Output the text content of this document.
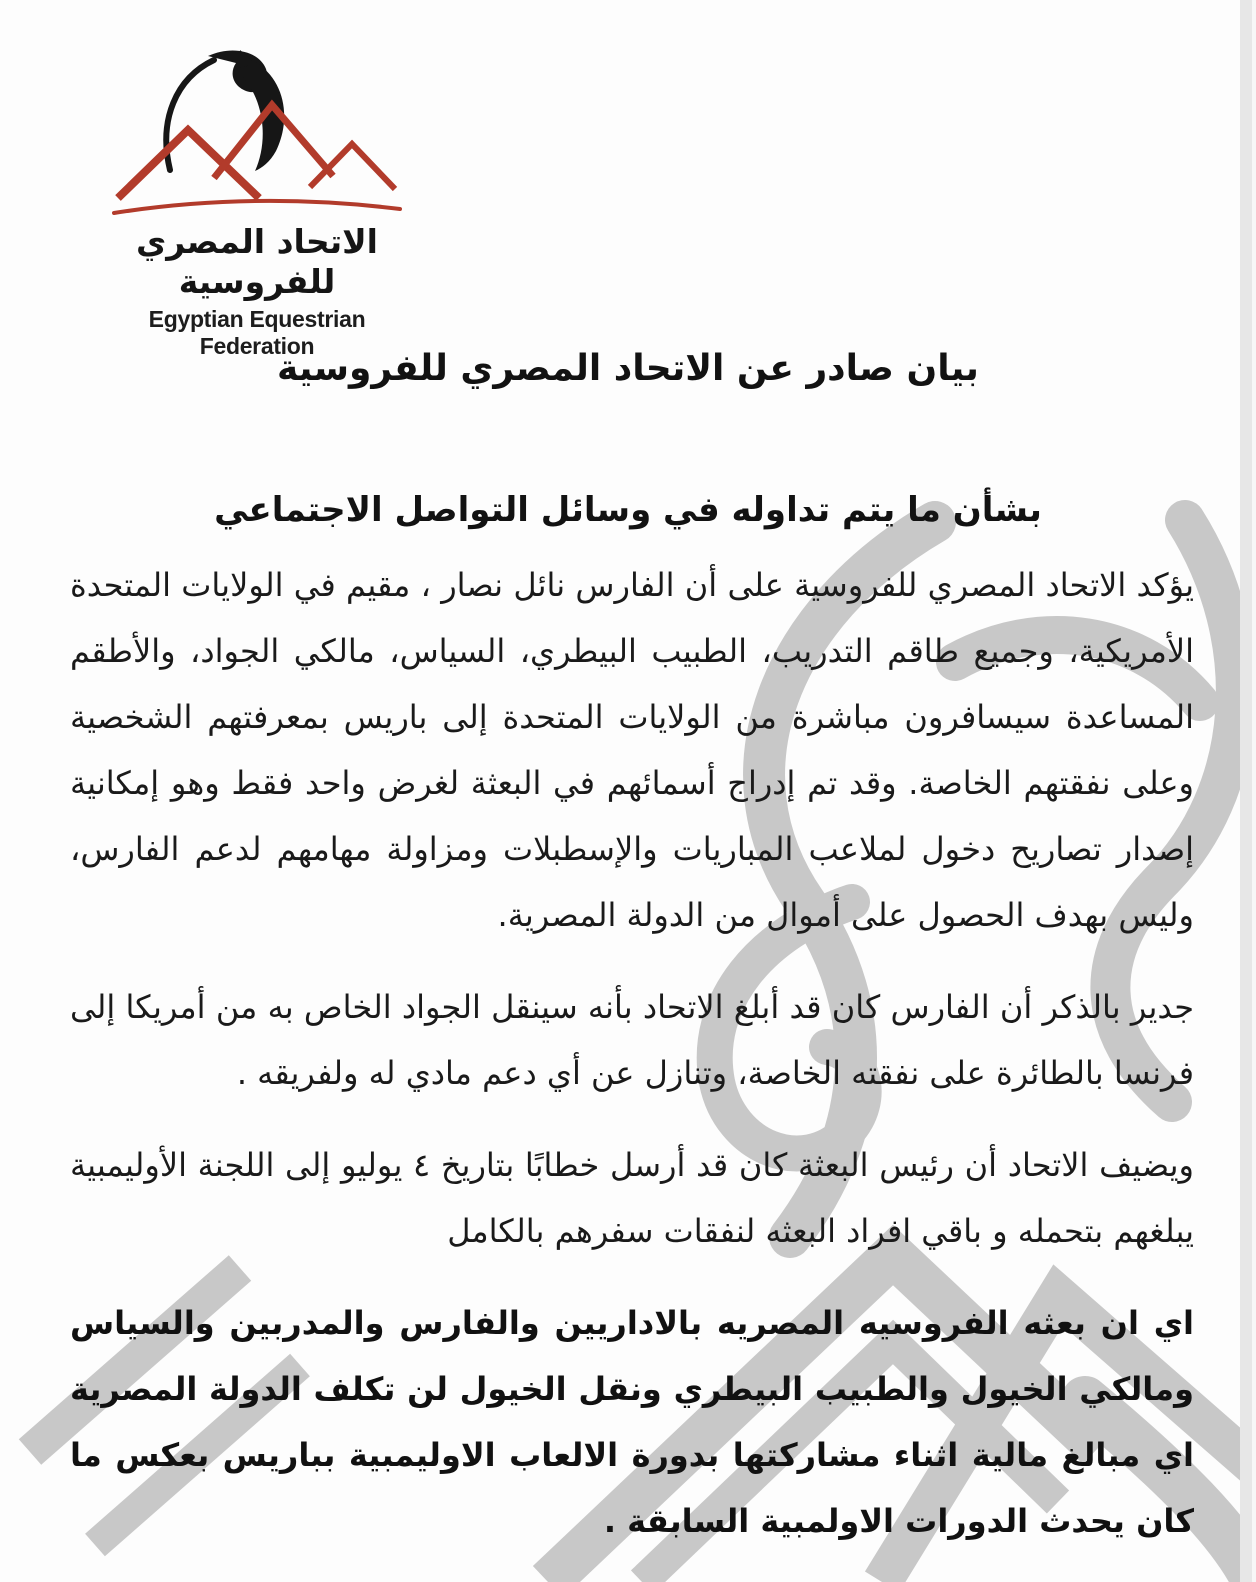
الاتحاد المصري للفروسية
Egyptian Equestrian Federation
بيان صادر عن الاتحاد المصري للفروسية
بشأن ما يتم تداوله في وسائل التواصل الاجتماعي

يؤكد الاتحاد المصري للفروسية على أن الفارس نائل نصار ، مقيم في الولايات المتحدة الأمريكية، وجميع طاقم التدريب، الطبيب البيطري، السياس، مالكي الجواد، والأطقم المساعدة سيسافرون مباشرة من الولايات المتحدة إلى باريس بمعرفتهم الشخصية وعلى نفقتهم الخاصة. وقد تم إدراج أسمائهم في البعثة لغرض واحد فقط وهو إمكانية إصدار تصاريح دخول لملاعب المباريات والإسطبلات ومزاولة مهامهم لدعم الفارس، وليس بهدف الحصول على أموال من الدولة المصرية.

جدير بالذكر أن الفارس كان قد أبلغ الاتحاد بأنه سينقل الجواد الخاص به من أمريكا إلى فرنسا بالطائرة على نفقته الخاصة، وتنازل عن أي دعم مادي له ولفريقه .

ويضيف الاتحاد أن رئيس البعثة كان قد أرسل خطابًا بتاريخ ٤ يوليو إلى اللجنة الأوليمبية يبلغهم بتحمله و باقي افراد البعثه لنفقات سفرهم بالكامل

اي ان بعثه الفروسيه المصريه بالاداريين والفارس والمدربين والسياس ومالكي الخيول والطبيب البيطري ونقل الخيول لن تكلف الدولة المصرية اي مبالغ مالية اثناء مشاركتها بدورة الالعاب الاوليمبية بباريس بعكس ما كان يحدث الدورات الاولمبية السابقة .
